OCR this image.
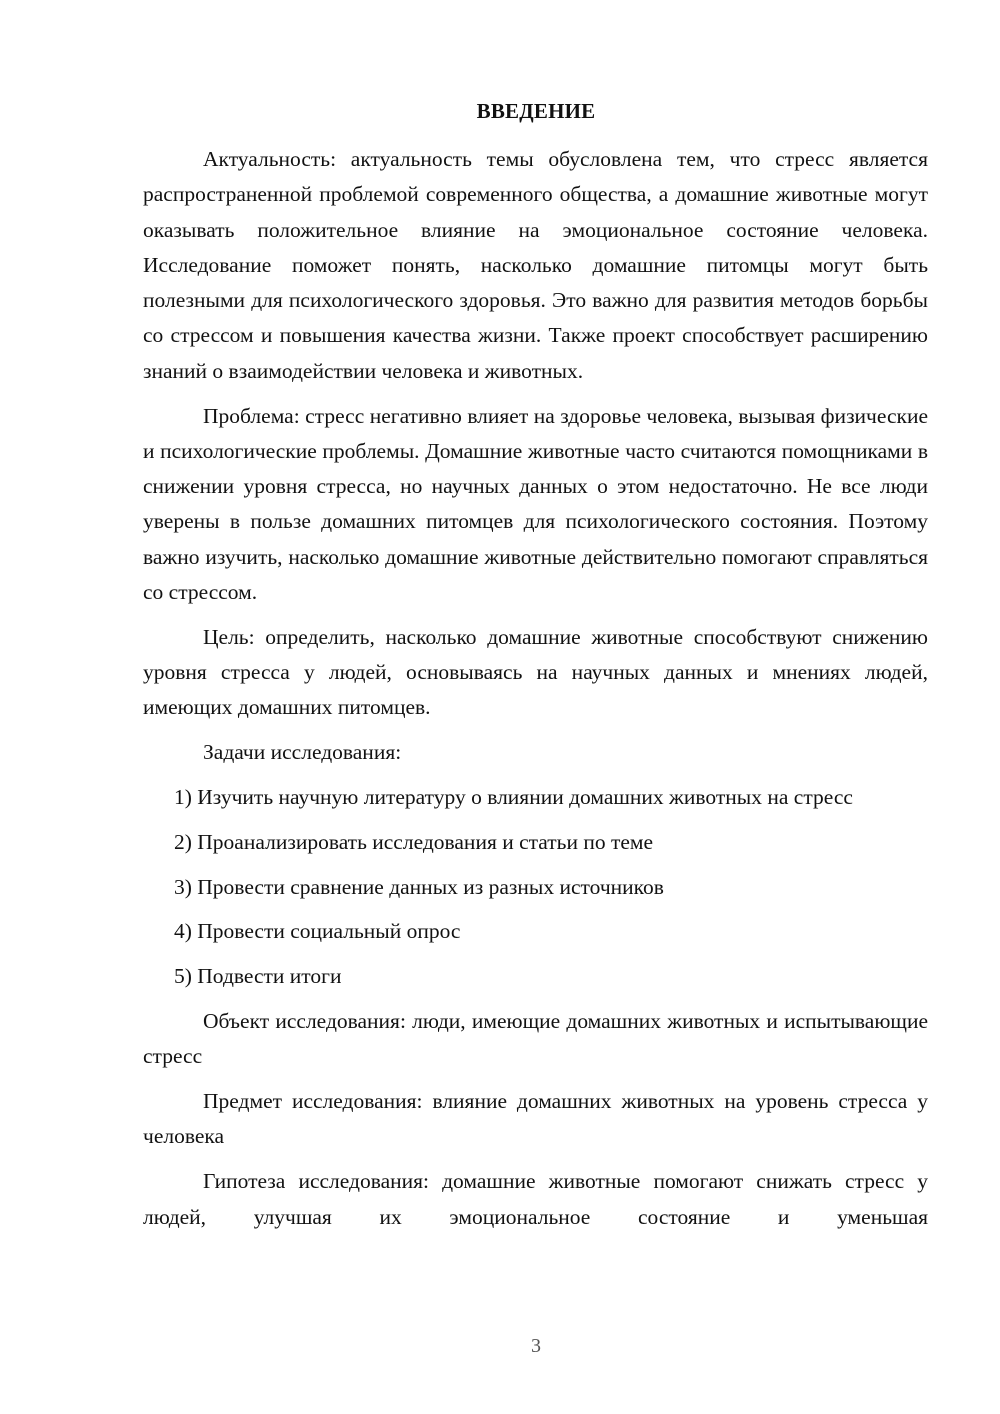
ВВЕДЕНИЕ

Актуальность: актуальность темы обусловлена тем, что стресс является распространенной проблемой современного общества, а домашние животные могут оказывать положительное влияние на эмоциональное состояние человека. Исследование поможет понять, насколько домашние питомцы могут быть полезными для психологического здоровья. Это важно для развития методов борьбы со стрессом и повышения качества жизни. Также проект способствует расширению знаний о взаимодействии человека и животных.

Проблема: стресс негативно влияет на здоровье человека, вызывая физические и психологические проблемы. Домашние животные часто считаются помощниками в снижении уровня стресса, но научных данных о этом недостаточно. Не все люди уверены в пользе домашних питомцев для психологического состояния. Поэтому важно изучить, насколько домашние животные действительно помогают справляться со стрессом.

Цель: определить, насколько домашние животные способствуют снижению уровня стресса у людей, основываясь на научных данных и мнениях людей, имеющих домашних питомцев.

Задачи исследования:

1) Изучить научную литературу о влиянии домашних животных на стресс

2) Проанализировать исследования и статьи по теме

3) Провести сравнение данных из разных источников

4) Провести социальный опрос

5) Подвести итоги

Объект исследования: люди, имеющие домашних животных и испытывающие стресс

Предмет исследования: влияние домашних животных на уровень стресса у человека

Гипотеза исследования: домашние животные помогают снижать стресс у людей, улучшая их эмоциональное состояние и уменьшая

3
